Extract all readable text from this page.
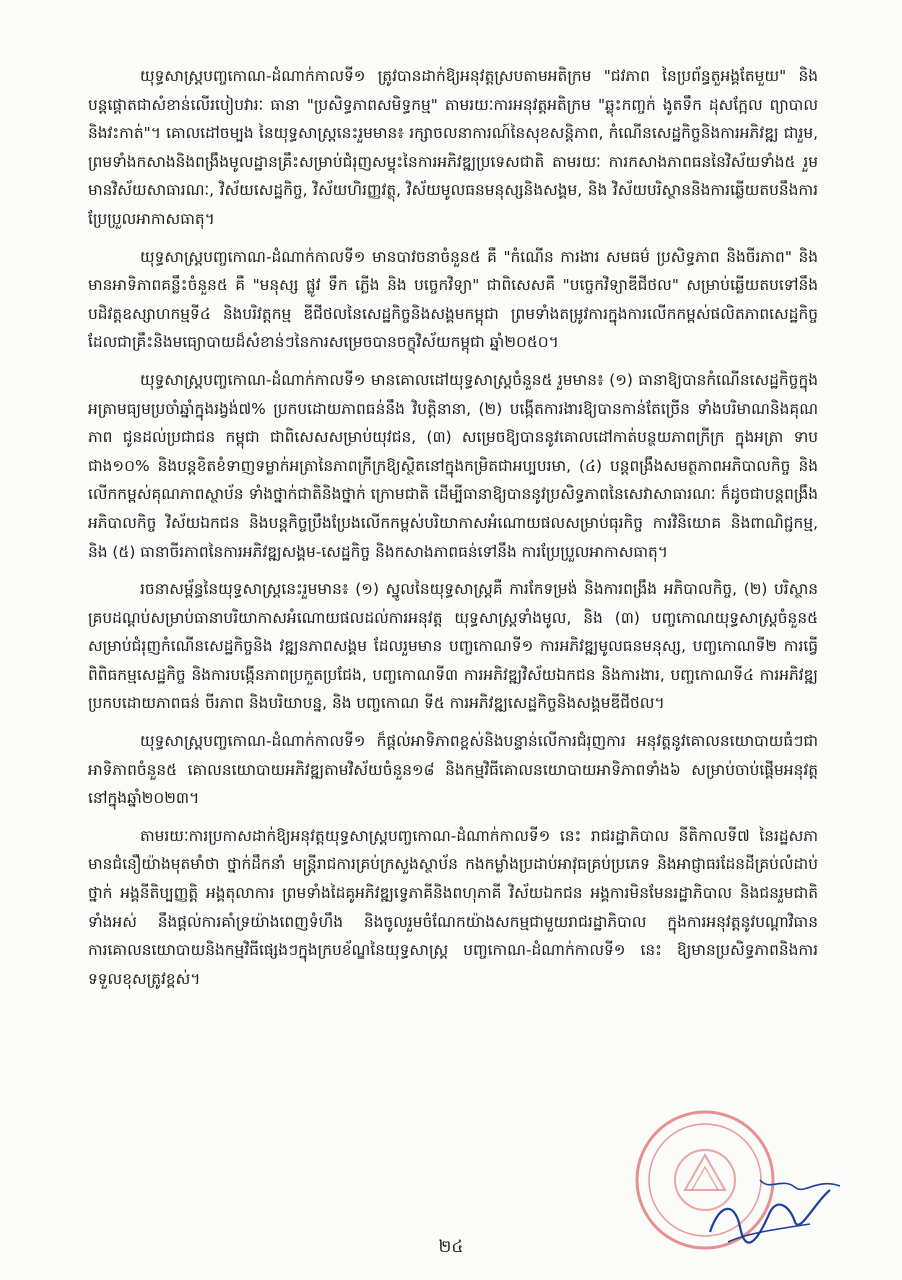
យុទ្ធសាស្ត្របញ្ចកោណ-ដំណាក់កាលទី១ ត្រូវបានដាក់ឱ្យអនុវត្តស្របតាមអតិក្រម "ជវភាព នៃប្រព័ន្ធតួអង្គតែមួយ" និងបន្តផ្តោតជាសំខាន់លើរបៀបវារៈ ធានា "ប្រសិទ្ធភាពសមិទ្ធកម្ម" តាមរយៈការអនុវត្តអតិក្រម "ឆ្លុះកញ្ចក់ ងូតទឹក ដុសក្អែល ព្យាបាល និងវះកាត់"។ គោលដៅចម្បង នៃយុទ្ធសាស្ត្រនេះរួមមាន៖ រក្សាចលនាការណ៍នៃសុខសន្តិភាព, កំណើនសេដ្ឋកិច្ចនិងការអភិវឌ្ឍ ជារួម, ព្រមទាំងកសាងនិងពង្រឹងមូលដ្ឋានគ្រឹះសម្រាប់ជំរុញសម្ទុះនៃការអភិវឌ្ឍប្រទេសជាតិ តាមរយៈ ការកសាងភាពធននៃវិស័យទាំង៥ រួមមានវិស័យសាធារណៈ, វិស័យសេដ្ឋកិច្ច, វិស័យហិរញ្ញវត្ថុ, វិស័យមូលធនមនុស្សនិងសង្គម, និង វិស័យបរិស្ថាននិងការឆ្លើយតបនឹងការប្រែប្រួលអាកាសធាតុ។

យុទ្ធសាស្ត្របញ្ចកោណ-ដំណាក់កាលទី១ មានបាវចនាចំនួន៥ គឺ "កំណើន ការងារ សមធម៌ ប្រសិទ្ធភាព និងចីរភាព" និងមានអាទិភាពគន្លឹះចំនួន៥ គឺ "មនុស្ស ផ្លូវ ទឹក ភ្លើង និង បច្ចេកវិទ្យា" ជាពិសេសគឺ "បច្ចេកវិទ្យាឌីជីថល" សម្រាប់ឆ្លើយតបទៅនឹងបដិវត្តឧស្សាហកម្មទី៤ និងបរិវត្តកម្ម ឌីជីថលនៃសេដ្ឋកិច្ចនិងសង្គមកម្ពុជា ព្រមទាំងតម្រូវការក្នុងការលើកកម្ពស់ផលិតភាពសេដ្ឋកិច្ច ដែលជាគ្រឹះនិងមធ្យោបាយដ៏សំខាន់ៗនៃការសម្រេចបានចក្ខុវិស័យកម្ពុជា ឆ្នាំ២០៥០។

យុទ្ធសាស្ត្របញ្ចកោណ-ដំណាក់កាលទី១ មានគោលដៅយុទ្ធសាស្ត្រចំនួន៥ រួមមាន៖ (១) ធានាឱ្យបានកំណើនសេដ្ឋកិច្ចក្នុងអត្រាមធ្យមប្រចាំឆ្នាំក្នុងរង្វង់៧% ប្រកបដោយភាពធន់នឹង វិបត្តិនានា, (២) បង្កើតការងារឱ្យបានកាន់តែច្រើន ទាំងបរិមាណនិងគុណភាព ជូនដល់ប្រជាជន កម្ពុជា ជាពិសេសសម្រាប់យុវជន, (៣) សម្រេចឱ្យបាននូវគោលដៅកាត់បន្ថយភាពក្រីក្រ ក្នុងអត្រា ទាបជាង១០% និងបន្តខិតខំទាញទម្លាក់អត្រានៃភាពក្រីក្រឱ្យស្ថិតនៅក្នុងកម្រិតជាអប្បបរមា, (៤) បន្តពង្រឹងសមត្ថភាពអភិបាលកិច្ច និងលើកកម្ពស់គុណភាពស្ថាប័ន ទាំងថ្នាក់ជាតិនិងថ្នាក់ ក្រោមជាតិ ដើម្បីធានាឱ្យបាននូវប្រសិទ្ធភាពនៃសេវាសាធារណៈ ក៏ដូចជាបន្តពង្រឹងអភិបាលកិច្ច វិស័យឯកជន និងបន្តកិច្ចប្រឹងប្រែងលើកកម្ពស់បរិយាកាសអំណោយផលសម្រាប់ធុរកិច្ច ការវិនិយោគ និងពាណិជ្ជកម្ម, និង (៥) ធានាចីរភាពនៃការអភិវឌ្ឍសង្គម-សេដ្ឋកិច្ច និងកសាងភាពធន់ទៅនឹង ការប្រែប្រួលអាកាសធាតុ។

រចនាសម្ព័ន្ធនៃយុទ្ធសាស្ត្រនេះរួមមាន៖ (១) ស្នូលនៃយុទ្ធសាស្ត្រគឺ ការកែទម្រង់ និងការពង្រឹង អភិបាលកិច្ច, (២) បរិស្ថានគ្របដណ្តប់សម្រាប់ធានាបរិយាកាសអំណោយផលដល់ការអនុវត្ត យុទ្ធសាស្ត្រទាំងមូល, និង (៣) បញ្ចកោណយុទ្ធសាស្ត្រចំនួន៥ សម្រាប់ជំរុញកំណើនសេដ្ឋកិច្ចនិង វឌ្ឍនភាពសង្គម ដែលរួមមាន បញ្ចកោណទី១ ការអភិវឌ្ឍមូលធនមនុស្ស, បញ្ចកោណទី២ ការធ្វើពិពិធកម្មសេដ្ឋកិច្ច និងការបង្កើនភាពប្រកួតប្រជែង, បញ្ចកោណទី៣ ការអភិវឌ្ឍវិស័យឯកជន និងការងារ, បញ្ចកោណទី៤ ការអភិវឌ្ឍប្រកបដោយភាពធន់ ចីរភាព និងបរិយាបន្ន, និង បញ្ចកោណ ទី៥ ការអភិវឌ្ឍសេដ្ឋកិច្ចនិងសង្គមឌីជីថល។

យុទ្ធសាស្ត្របញ្ចកោណ-ដំណាក់កាលទី១ ក៏ផ្តល់អាទិភាពខ្ពស់និងបន្ទាន់លើការជំរុញការ អនុវត្តនូវគោលនយោបាយធំៗជាអាទិភាពចំនួន៥ គោលនយោបាយអភិវឌ្ឍតាមវិស័យចំនួន១៨ និងកម្មវិធីគោលនយោបាយអាទិភាពទាំង៦ សម្រាប់ចាប់ផ្តើមអនុវត្តនៅក្នុងឆ្នាំ២០២៣។

តាមរយៈការប្រកាសដាក់ឱ្យអនុវត្តយុទ្ធសាស្ត្របញ្ចកោណ-ដំណាក់កាលទី១ នេះ រាជរដ្ឋាភិបាល នីតិកាលទី៧ នៃរដ្ឋសភា មានជំនឿយ៉ាងមុតមាំថា ថ្នាក់ដឹកនាំ មន្ត្រីរាជការគ្រប់ក្រសួងស្ថាប័ន កងកម្លាំងប្រដាប់អាវុធគ្រប់ប្រភេទ និងអាជ្ញាធរដែនដីគ្រប់លំដាប់ថ្នាក់ អង្គនីតិប្បញ្ញត្តិ អង្គតុលាការ ព្រមទាំងដៃគូអភិវឌ្ឍទ្វេភាគីនិងពហុភាគី វិស័យឯកជន អង្គការមិនមែនរដ្ឋាភិបាល និងជនរួមជាតិ ទាំងអស់ នឹងផ្តល់ការគាំទ្រយ៉ាងពេញទំហឹង និងចូលរួមចំណែកយ៉ាងសកម្មជាមួយរាជរដ្ឋាភិបាល ក្នុងការអនុវត្តនូវបណ្តាវិធានការគោលនយោបាយនិងកម្មវិធីផ្សេងៗក្នុងក្របខ័ណ្ឌនៃយុទ្ធសាស្ត្រ បញ្ចកោណ-ដំណាក់កាលទី១ នេះ ឱ្យមានប្រសិទ្ធភាពនិងការទទួលខុសត្រូវខ្ពស់។

២៤
